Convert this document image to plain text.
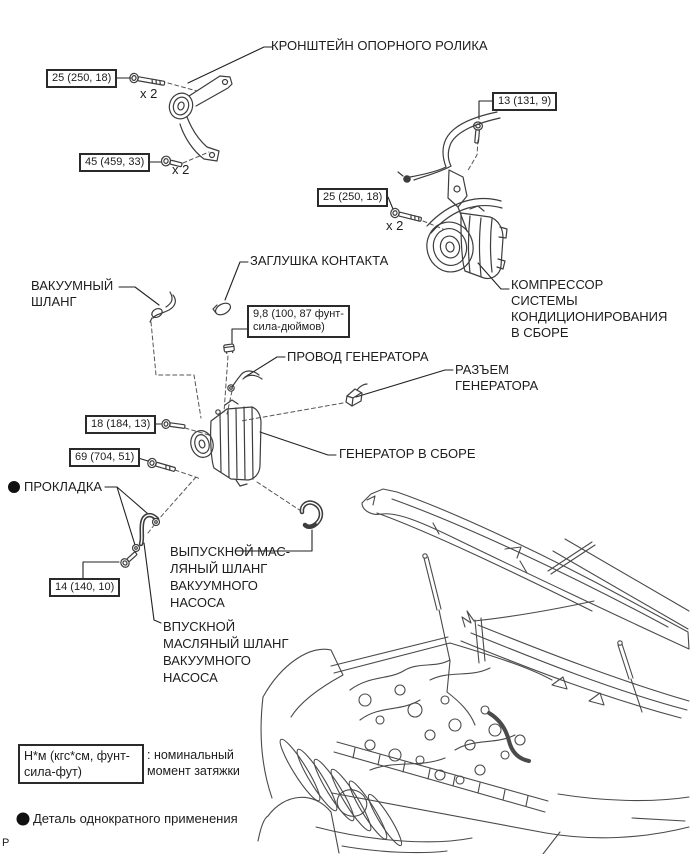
КРОНШТЕЙН ОПОРНОГО РОЛИКА
25 (250, 18)
x 2
45 (459, 33)	x 2
13 (131, 9)
25 (250, 18)
x 2
ЗАГЛУШКА КОНТАКТА
ВАКУУМНЫЙ
ШЛАНГ
9,8 (100, 87 фунт-
сила-дюймов)
ПРОВОД ГЕНЕРАТОРА
РАЗЪЕМ
ГЕНЕРАТОРА
КОМПРЕССОР
СИСТЕМЫ
КОНДИЦИОНИРОВАНИЯ
В СБОРЕ
18 (184, 13)
69 (704, 51)	ГЕНЕРАТОР В СБОРЕ
ПРОКЛАДКА
14 (140, 10)
ВЫПУСКНОЙ МАС-
ЛЯНЫЙ ШЛАНГ
ВАКУУМНОГО
НАСОСА
ВПУСКНОЙ
МАСЛЯНЫЙ ШЛАНГ
ВАКУУМНОГО
НАСОСА
Н*м (кгс*см, фунт-
сила-фут)
: номинальный
момент затяжки
Деталь однократного применения
P
